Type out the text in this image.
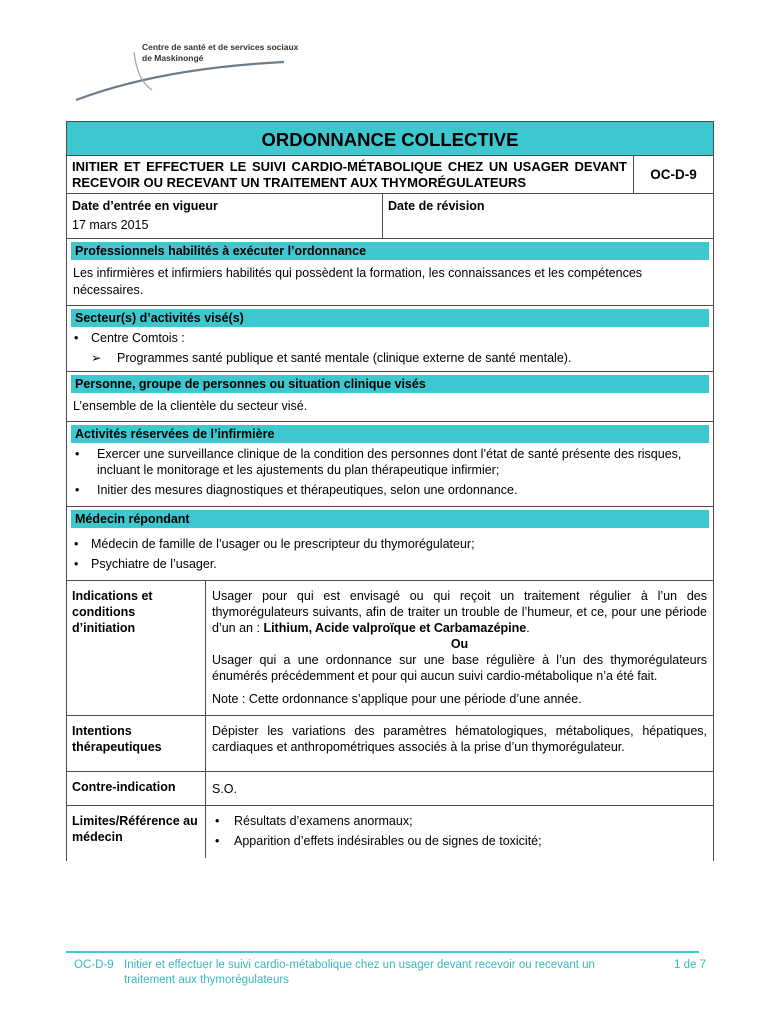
Centre de santé et de services sociaux
de Maskinongé
ORDONNANCE COLLECTIVE
INITIER ET EFFECTUER LE SUIVI CARDIO-MÉTABOLIQUE CHEZ UN USAGER DEVANT RECEVOIR OU RECEVANT UN TRAITEMENT AUX THYMORÉGULATEURS
OC-D-9
Date d’entrée en vigueur
17 mars 2015
Date de révision
Professionnels habilités à exécuter l’ordonnance
Les infirmières et infirmiers habilités qui possèdent la formation, les connaissances et les compétences nécessaires.
Secteur(s) d’activités visé(s)
• Centre Comtois :
➢ Programmes santé publique et santé mentale (clinique externe de santé mentale).
Personne, groupe de personnes ou situation clinique visés
L’ensemble de la clientèle du secteur visé.
Activités réservées de l’infirmière
• Exercer une surveillance clinique de la condition des personnes dont l’état de santé présente des risques, incluant le monitorage et les ajustements du plan thérapeutique infirmier;
• Initier des mesures diagnostiques et thérapeutiques, selon une ordonnance.
Médecin répondant
• Médecin de famille de l’usager ou le prescripteur du thymorégulateur;
• Psychiatre de l’usager.
Indications et conditions d’initiation

Usager pour qui est envisagé ou qui reçoit un traitement régulier à l’un des thymorégulateurs suivants, afin de traiter un trouble de l’humeur, et ce, pour une période d’un an : Lithium, Acide valproïque et Carbamazépine.

Ou

Usager qui a une ordonnance sur une base régulière à l’un des thymorégulateurs énumérés précédemment et pour qui aucun suivi cardio-métabolique n’a été fait.

Note : Cette ordonnance s’applique pour une période d’une année.

Intentions thérapeutiques
Dépister les variations des paramètres hématologiques, métaboliques, hépatiques, cardiaques et anthropométriques associés à la prise d’un thymorégulateur.
Contre-indication	S.O.
Limites/Référence au médecin
• Résultats d’examens anormaux;
• Apparition d’effets indésirables ou de signes de toxicité;
OC-D-9 Initier et effectuer le suivi cardio-métabolique chez un usager devant recevoir ou recevant un traitement aux thymorégulateurs
1 de 7
